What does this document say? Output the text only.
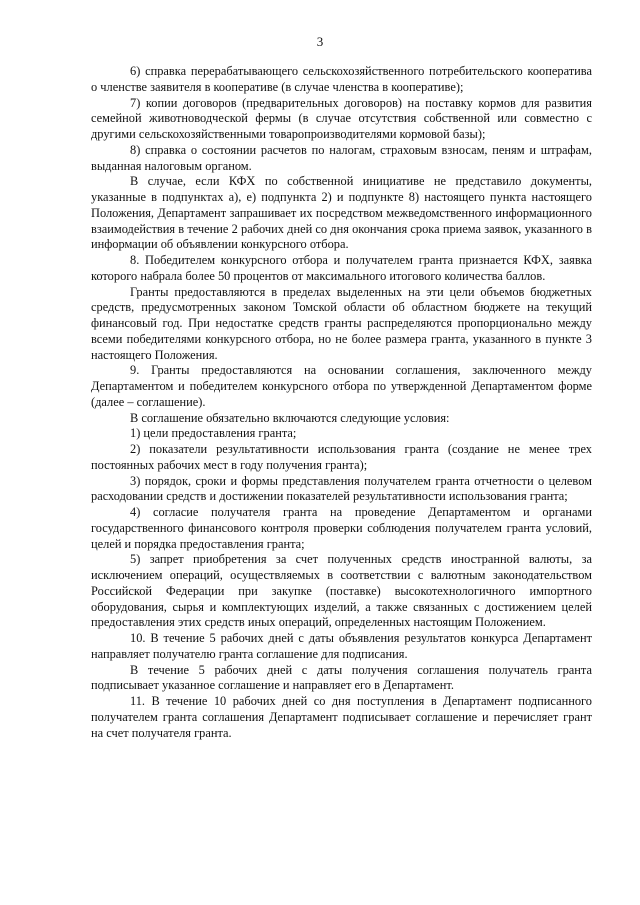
3

6) справка перерабатывающего сельскохозяйственного потребительского кооператива о членстве заявителя в кооперативе (в случае членства в кооперативе);

7) копии договоров (предварительных договоров) на поставку кормов для развития семейной животноводческой фермы (в случае отсутствия собственной или совместно с другими сельскохозяйственными товаропроизводителями кормовой базы);

8) справка о состоянии расчетов по налогам, страховым взносам, пеням и штрафам, выданная налоговым органом.

В случае, если КФХ по собственной инициативе не представило документы, указанные в подпунктах а), е) подпункта 2) и подпункте 8) настоящего пункта настоящего Положения, Департамент запрашивает их посредством межведомственного информационного взаимодействия в течение 2 рабочих дней со дня окончания срока приема заявок, указанного в информации об объявлении конкурсного отбора.

8. Победителем конкурсного отбора и получателем гранта признается КФХ, заявка которого набрала более 50 процентов от максимального итогового количества баллов.

Гранты предоставляются в пределах выделенных на эти цели объемов бюджетных средств, предусмотренных законом Томской области об областном бюджете на текущий финансовый год. При недостатке средств гранты распределяются пропорционально между всеми победителями конкурсного отбора, но не более размера гранта, указанного в пункте 3 настоящего Положения.

9. Гранты предоставляются на основании соглашения, заключенного между Департаментом и победителем конкурсного отбора по утвержденной Департаментом форме (далее – соглашение).

В соглашение обязательно включаются следующие условия:

1) цели предоставления гранта;

2) показатели результативности использования гранта (создание не менее трех постоянных рабочих мест в году получения гранта);

3) порядок, сроки и формы представления получателем гранта отчетности о целевом расходовании средств и достижении показателей результативности использования гранта;

4) согласие получателя гранта на проведение Департаментом и органами государственного финансового контроля проверки соблюдения получателем гранта условий, целей и порядка предоставления гранта;

5) запрет приобретения за счет полученных средств иностранной валюты, за исключением операций, осуществляемых в соответствии с валютным законодательством Российской Федерации при закупке (поставке) высокотехнологичного импортного оборудования, сырья и комплектующих изделий, а также связанных с достижением целей предоставления этих средств иных операций, определенных настоящим Положением.

10. В течение 5 рабочих дней с даты объявления результатов конкурса Департамент направляет получателю гранта соглашение для подписания.

В течение 5 рабочих дней с даты получения соглашения получатель гранта подписывает указанное соглашение и направляет его в Департамент.

11. В течение 10 рабочих дней со дня поступления в Департамент подписанного получателем гранта соглашения Департамент подписывает соглашение и перечисляет грант на счет получателя гранта.
